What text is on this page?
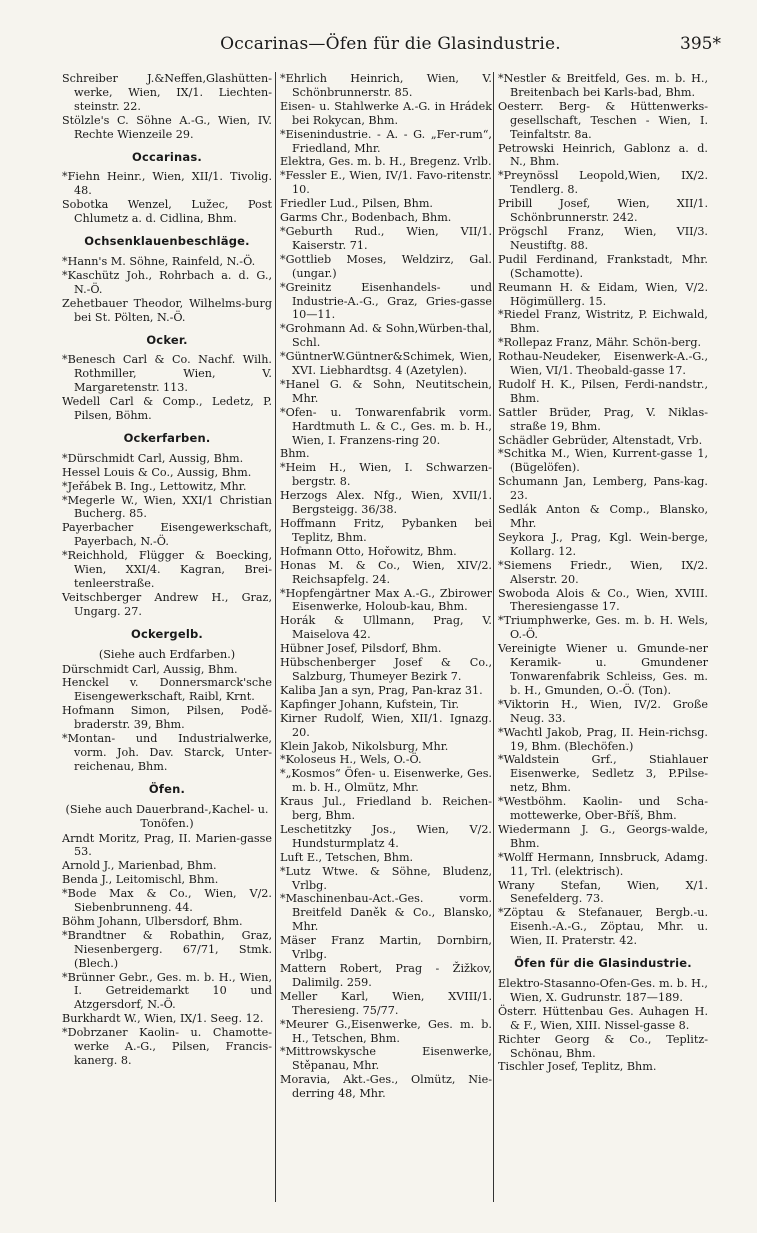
Occarinas—Öfen für die Glasindustrie.	395*

Schreiber J.&Neffen,Glashütten-werke, Wien, IX/1. Liechten-steinstr. 22.

Stölzle's C. Söhne A.-G., Wien, IV. Rechte Wienzeile 29.

Occarinas.

*Fiehn Heinr., Wien, XII/1. Tivolig. 48.

Sobotka Wenzel, Lužec, Post Chlumetz a. d. Cidlina, Bhm.

Ochsenklauenbeschläge.

*Hann's M. Söhne, Rainfeld, N.-Ö.

*Kaschütz Joh., Rohrbach a. d. G., N.-Ö.

Zehetbauer Theodor, Wilhelms-burg bei St. Pölten, N.-Ö.

Ocker.

*Benesch Carl & Co. Nachf. Wilh. Rothmiller, Wien, V. Margaretenstr. 113.

Wedell Carl & Comp., Ledetz, P. Pilsen, Böhm.

Ockerfarben.

*Dürschmidt Carl, Aussig, Bhm.

Hessel Louis & Co., Aussig, Bhm.

*Jeřábek B. Ing., Lettowitz, Mhr.

*Megerle W., Wien, XXI/1 Christian Bucherg. 85.

Payerbacher Eisengewerkschaft, Payerbach, N.-Ö.

*Reichhold, Flügger & Boecking, Wien, XXI/4. Kagran, Brei-tenleerstraße.

Veitschberger Andrew H., Graz, Ungarg. 27.

Ockergelb.

(Siehe auch Erdfarben.)

Dürschmidt Carl, Aussig, Bhm.

Henckel v. Donnersmarck'sche Eisengewerkschaft, Raibl, Krnt.

Hofmann Simon, Pilsen, Podě-braderstr. 39, Bhm.

*Montan- und Industrialwerke, vorm. Joh. Dav. Starck, Unter-reichenau, Bhm.

Öfen.

(Siehe auch Dauerbrand-,Kachel- u. Tonöfen.)

Arndt Moritz, Prag, II. Marien-gasse 53.

Arnold J., Marienbad, Bhm.

Benda J., Leitomischl, Bhm.

*Bode Max & Co., Wien, V/2. Siebenbrunneng. 44.

Böhm Johann, Ulbersdorf, Bhm.

*Brandtner & Robathin, Graz, Niesenbergerg. 67/71, Stmk. (Blech.)

*Brünner Gebr., Ges. m. b. H., Wien, I. Getreidemarkt 10 und Atzgersdorf, N.-Ö.

Burkhardt W., Wien, IX/1. Seeg. 12.

*Dobrzaner Kaolin- u. Chamotte-werke A.-G., Pilsen, Francis-kanerg. 8.

*Ehrlich Heinrich, Wien, V. Schönbrunnerstr. 85.

Eisen- u. Stahlwerke A.-G. in Hrádek bei Rokycan, Bhm.

*Eisenindustrie. - A. - G. „Fer-rum“, Friedland, Mhr.

Elektra, Ges. m. b. H., Bregenz. Vrlb.

*Fessler E., Wien, IV/1. Favo-ritenstr. 10.

Friedler Lud., Pilsen, Bhm.

Garms Chr., Bodenbach, Bhm.

*Geburth Rud., Wien, VII/1. Kaiserstr. 71.

*Gottlieb Moses, Weldzirz, Gal. (ungar.)

*Greinitz Eisenhandels- und Industrie-A.-G., Graz, Gries-gasse 10—11.

*Grohmann Ad. & Sohn,Würben-thal, Schl.

*GüntnerW.Güntner&Schimek, Wien, XVI. Liebhardtsg. 4 (Azetylen).

*Hanel G. & Sohn, Neutitschein, Mhr.

*Ofen- u. Tonwarenfabrik vorm. Hardtmuth L. & C., Ges. m. b. H., Wien, I. Franzens-ring 20.

Bhm.

*Heim H., Wien, I. Schwarzen-bergstr. 8.

Herzogs Alex. Nfg., Wien, XVII/1. Bergsteigg. 36/38.

Hoffmann Fritz, Pybanken bei Teplitz, Bhm.

Hofmann Otto, Hořowitz, Bhm.

Honas M. & Co., Wien, XIV/2. Reichsapfelg. 24.

*Hopfengärtner Max A.-G., Zbirower Eisenwerke, Holoub-kau, Bhm.

Horák & Ullmann, Prag, V. Maiselova 42.

Hübner Josef, Pilsdorf, Bhm.

Hübschenberger Josef & Co., Salzburg, Thumeyer Bezirk 7.

Kaliba Jan a syn, Prag, Pan-kraz 31.

Kapfinger Johann, Kufstein, Tir.

Kirner Rudolf, Wien, XII/1. Ignazg. 20.

Klein Jakob, Nikolsburg, Mhr.

*Koloseus H., Wels, O.-Ö.

*„Kosmos“ Öfen- u. Eisenwerke, Ges. m. b. H., Olmütz, Mhr.

Kraus Jul., Friedland b. Reichen-berg, Bhm.

Leschetitzky Jos., Wien, V/2. Hundsturmplatz 4.

Luft E., Tetschen, Bhm.

*Lutz Wtwe. & Söhne, Bludenz, Vrlbg.

*Maschinenbau-Act.-Ges. vorm. Breitfeld Daněk & Co., Blansko, Mhr.

Mäser Franz Martin, Dornbirn, Vrlbg.

Mattern Robert, Prag - Žižkov, Dalimilg. 259.

Meller Karl, Wien, XVIII/1. Theresieng. 75/77.

*Meurer G.,Eisenwerke, Ges. m. b. H., Tetschen, Bhm.

*Mittrowskysche Eisenwerke, Stěpanau, Mhr.

Moravia, Akt.-Ges., Olmütz, Nie-derring 48, Mhr.

*Nestler & Breitfeld, Ges. m. b. H., Breitenbach bei Karls-bad, Bhm.

Oesterr. Berg- & Hüttenwerks-gesellschaft, Teschen - Wien, I. Teinfaltstr. 8a.

Petrowski Heinrich, Gablonz a. d. N., Bhm.

*Preynössl Leopold,Wien, IX/2. Tendlerg. 8.

Pribill Josef, Wien, XII/1. Schönbrunnerstr. 242.

Prögschl Franz, Wien, VII/3. Neustiftg. 88.

Pudil Ferdinand, Frankstadt, Mhr. (Schamotte).

Reumann H. & Eidam, Wien, V/2. Högimüllerg. 15.

*Riedel Franz, Wistritz, P. Eichwald, Bhm.

*Rollepaz Franz, Mähr. Schön-berg.

Rothau-Neudeker, Eisenwerk-A.-G., Wien, VI/1. Theobald-gasse 17.

Rudolf H. K., Pilsen, Ferdi-nandstr., Bhm.

Sattler Brüder, Prag, V. Niklas-straße 19, Bhm.

Schädler Gebrüder, Altenstadt, Vrb.

*Schitka M., Wien, Kurrent-gasse 1, (Bügelöfen).

Schumann Jan, Lemberg, Pans-kag. 23.

Sedlák Anton & Comp., Blansko, Mhr.

Seykora J., Prag, Kgl. Wein-berge, Kollarg. 12.

*Siemens Friedr., Wien, IX/2. Alserstr. 20.

Swoboda Alois & Co., Wien, XVIII. Theresiengasse 17.

*Triumphwerke, Ges. m. b. H. Wels, O.-Ö.

Vereinigte Wiener u. Gmunde-ner Keramik- u. Gmundener Tonwarenfabrik Schleiss, Ges. m. b. H., Gmunden, O.-Ö. (Ton).

*Viktorin H., Wien, IV/2. Große Neug. 33.

*Wachtl Jakob, Prag, II. Hein-richsg. 19, Bhm. (Blechöfen.)

*Waldstein Grf., Stiahlauer Eisenwerke, Sedletz 3, P.Pilse-netz, Bhm.

*Westböhm. Kaolin- und Scha-mottewerke, Ober-Bříš, Bhm.

Wiedermann J. G., Georgs-walde, Bhm.

*Wolff Hermann, Innsbruck, Adamg. 11, Trl. (elektrisch).

Wrany Stefan, Wien, X/1. Senefelderg. 73.

*Zöptau & Stefanauer, Bergb.-u. Eisenh.-A.-G., Zöptau, Mhr. u. Wien, II. Praterstr. 42.

Öfen für die Glasindustrie.

Elektro-Stasanno-Ofen-Ges. m. b. H., Wien, X. Gudrunstr. 187—189.

Österr. Hüttenbau Ges. Auhagen H. & F., Wien, XIII. Nissel-gasse 8.

Richter Georg & Co., Teplitz-Schönau, Bhm.

Tischler Josef, Teplitz, Bhm.
